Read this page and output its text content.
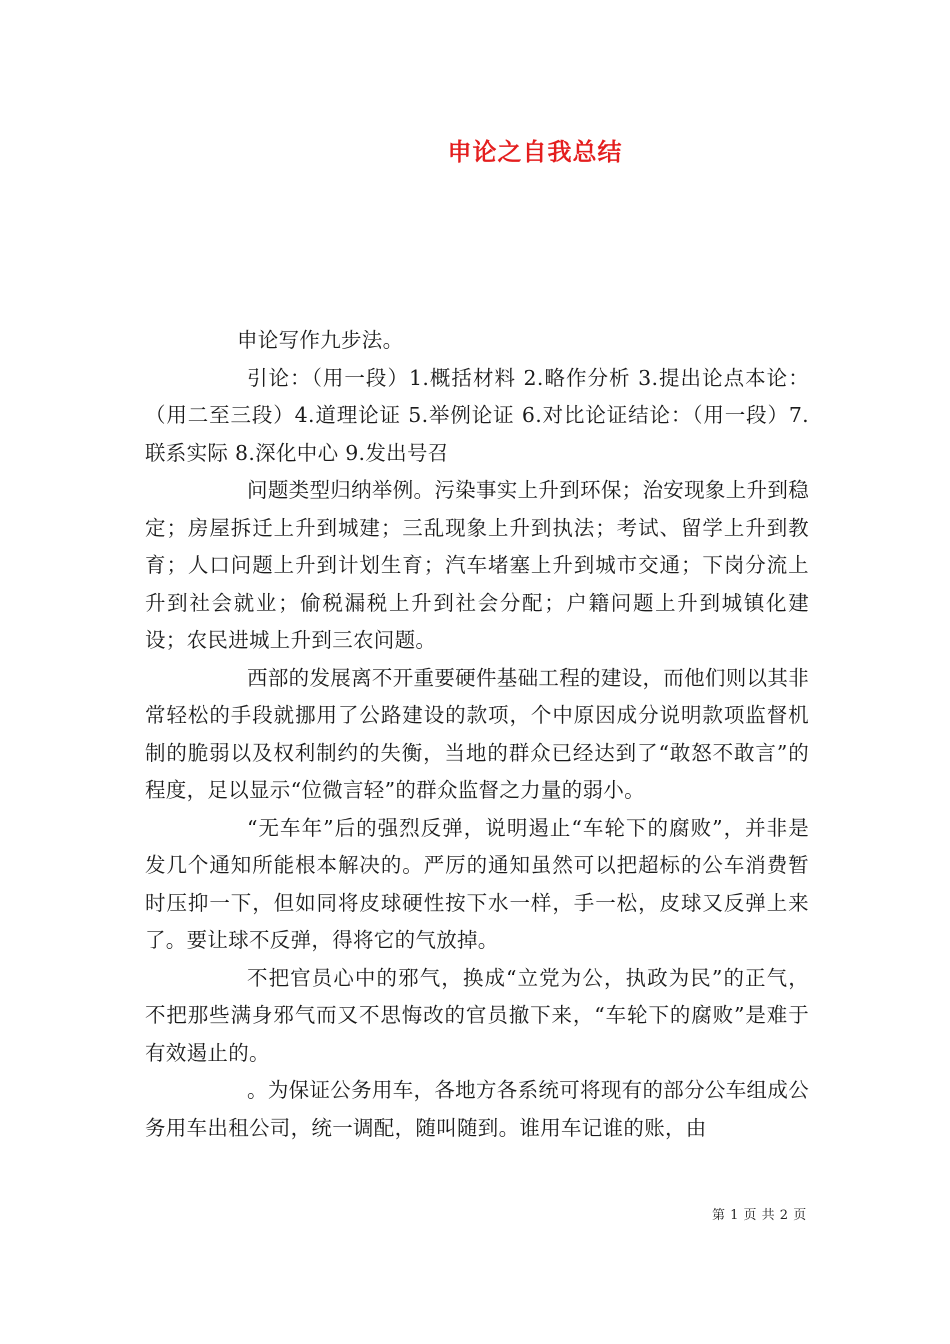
申论之自我总结

申论写作九步法。

引论：（用一段）1.概括材料 2.略作分析 3.提出论点本论：（用二至三段）4.道理论证 5.举例论证 6.对比论证结论：（用一段）7.联系实际 8.深化中心 9.发出号召

问题类型归纳举例。污染事实上升到环保；治安现象上升到稳定；房屋拆迁上升到城建；三乱现象上升到执法；考试、留学上升到教育；人口问题上升到计划生育；汽车堵塞上升到城市交通；下岗分流上升到社会就业；偷税漏税上升到社会分配；户籍问题上升到城镇化建设；农民进城上升到三农问题。

西部的发展离不开重要硬件基础工程的建设，而他们则以其非常轻松的手段就挪用了公路建设的款项，个中原因成分说明款项监督机制的脆弱以及权利制约的失衡，当地的群众已经达到了“敢怒不敢言”的程度，足以显示“位微言轻”的群众监督之力量的弱小。

“无车年”后的强烈反弹，说明遏止“车轮下的腐败”，并非是发几个通知所能根本解决的。严厉的通知虽然可以把超标的公车消费暂时压抑一下，但如同将皮球硬性按下水一样，手一松，皮球又反弹上来了。要让球不反弹，得将它的气放掉。

不把官员心中的邪气，换成“立党为公，执政为民”的正气，不把那些满身邪气而又不思悔改的官员撤下来，“车轮下的腐败”是难于有效遏止的。

。为保证公务用车，各地方各系统可将现有的部分公车组成公务用车出租公司，统一调配，随叫随到。谁用车记谁的账，由

第 1 页 共 2 页
